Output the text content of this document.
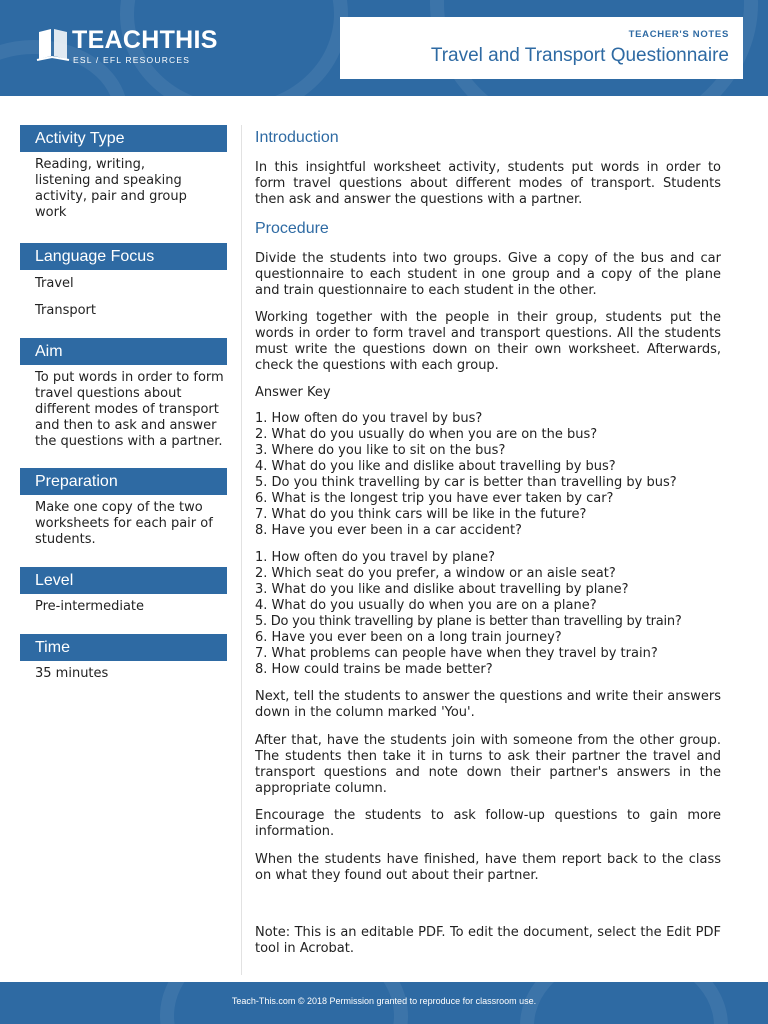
TEACHTHIS
ESL / EFL RESOURCES
TEACHER'S NOTES
Travel and Transport Questionnaire
Activity Type
Reading, writing, listening and speaking activity, pair and group work
Language Focus
Travel
Transport
Aim
To put words in order to form travel questions about different modes of transport and then to ask and answer the questions with a partner.
Preparation
Make one copy of the two worksheets for each pair of students.
Level
Pre-intermediate
Time
35 minutes
Introduction
In this insightful worksheet activity, students put words in order to form travel questions about different modes of transport. Students then ask and answer the questions with a partner.
Procedure
Divide the students into two groups. Give a copy of the bus and car questionnaire to each student in one group and a copy of the plane and train questionnaire to each student in the other.
Working together with the people in their group, students put the words in order to form travel and transport questions. All the students must write the questions down on their own worksheet. Afterwards, check the questions with each group.
Answer Key
1. How often do you travel by bus?
2. What do you usually do when you are on the bus?
3. Where do you like to sit on the bus?
4. What do you like and dislike about travelling by bus?
5. Do you think travelling by car is better than travelling by bus?
6. What is the longest trip you have ever taken by car?
7. What do you think cars will be like in the future?
8. Have you ever been in a car accident?
1. How often do you travel by plane?
2. Which seat do you prefer, a window or an aisle seat?
3. What do you like and dislike about travelling by plane?
4. What do you usually do when you are on a plane?
5. Do you think travelling by plane is better than travelling by train?
6. Have you ever been on a long train journey?
7. What problems can people have when they travel by train?
8. How could trains be made better?
Next, tell the students to answer the questions and write their answers down in the column marked 'You'.
After that, have the students join with someone from the other group. The students then take it in turns to ask their partner the travel and transport questions and note down their partner's answers in the appropriate column.
Encourage the students to ask follow-up questions to gain more information.
When the students have finished, have them report back to the class on what they found out about their partner.
Note: This is an editable PDF. To edit the document, select the Edit PDF tool in Acrobat.
Teach-This.com © 2018 Permission granted to reproduce for classroom use.
